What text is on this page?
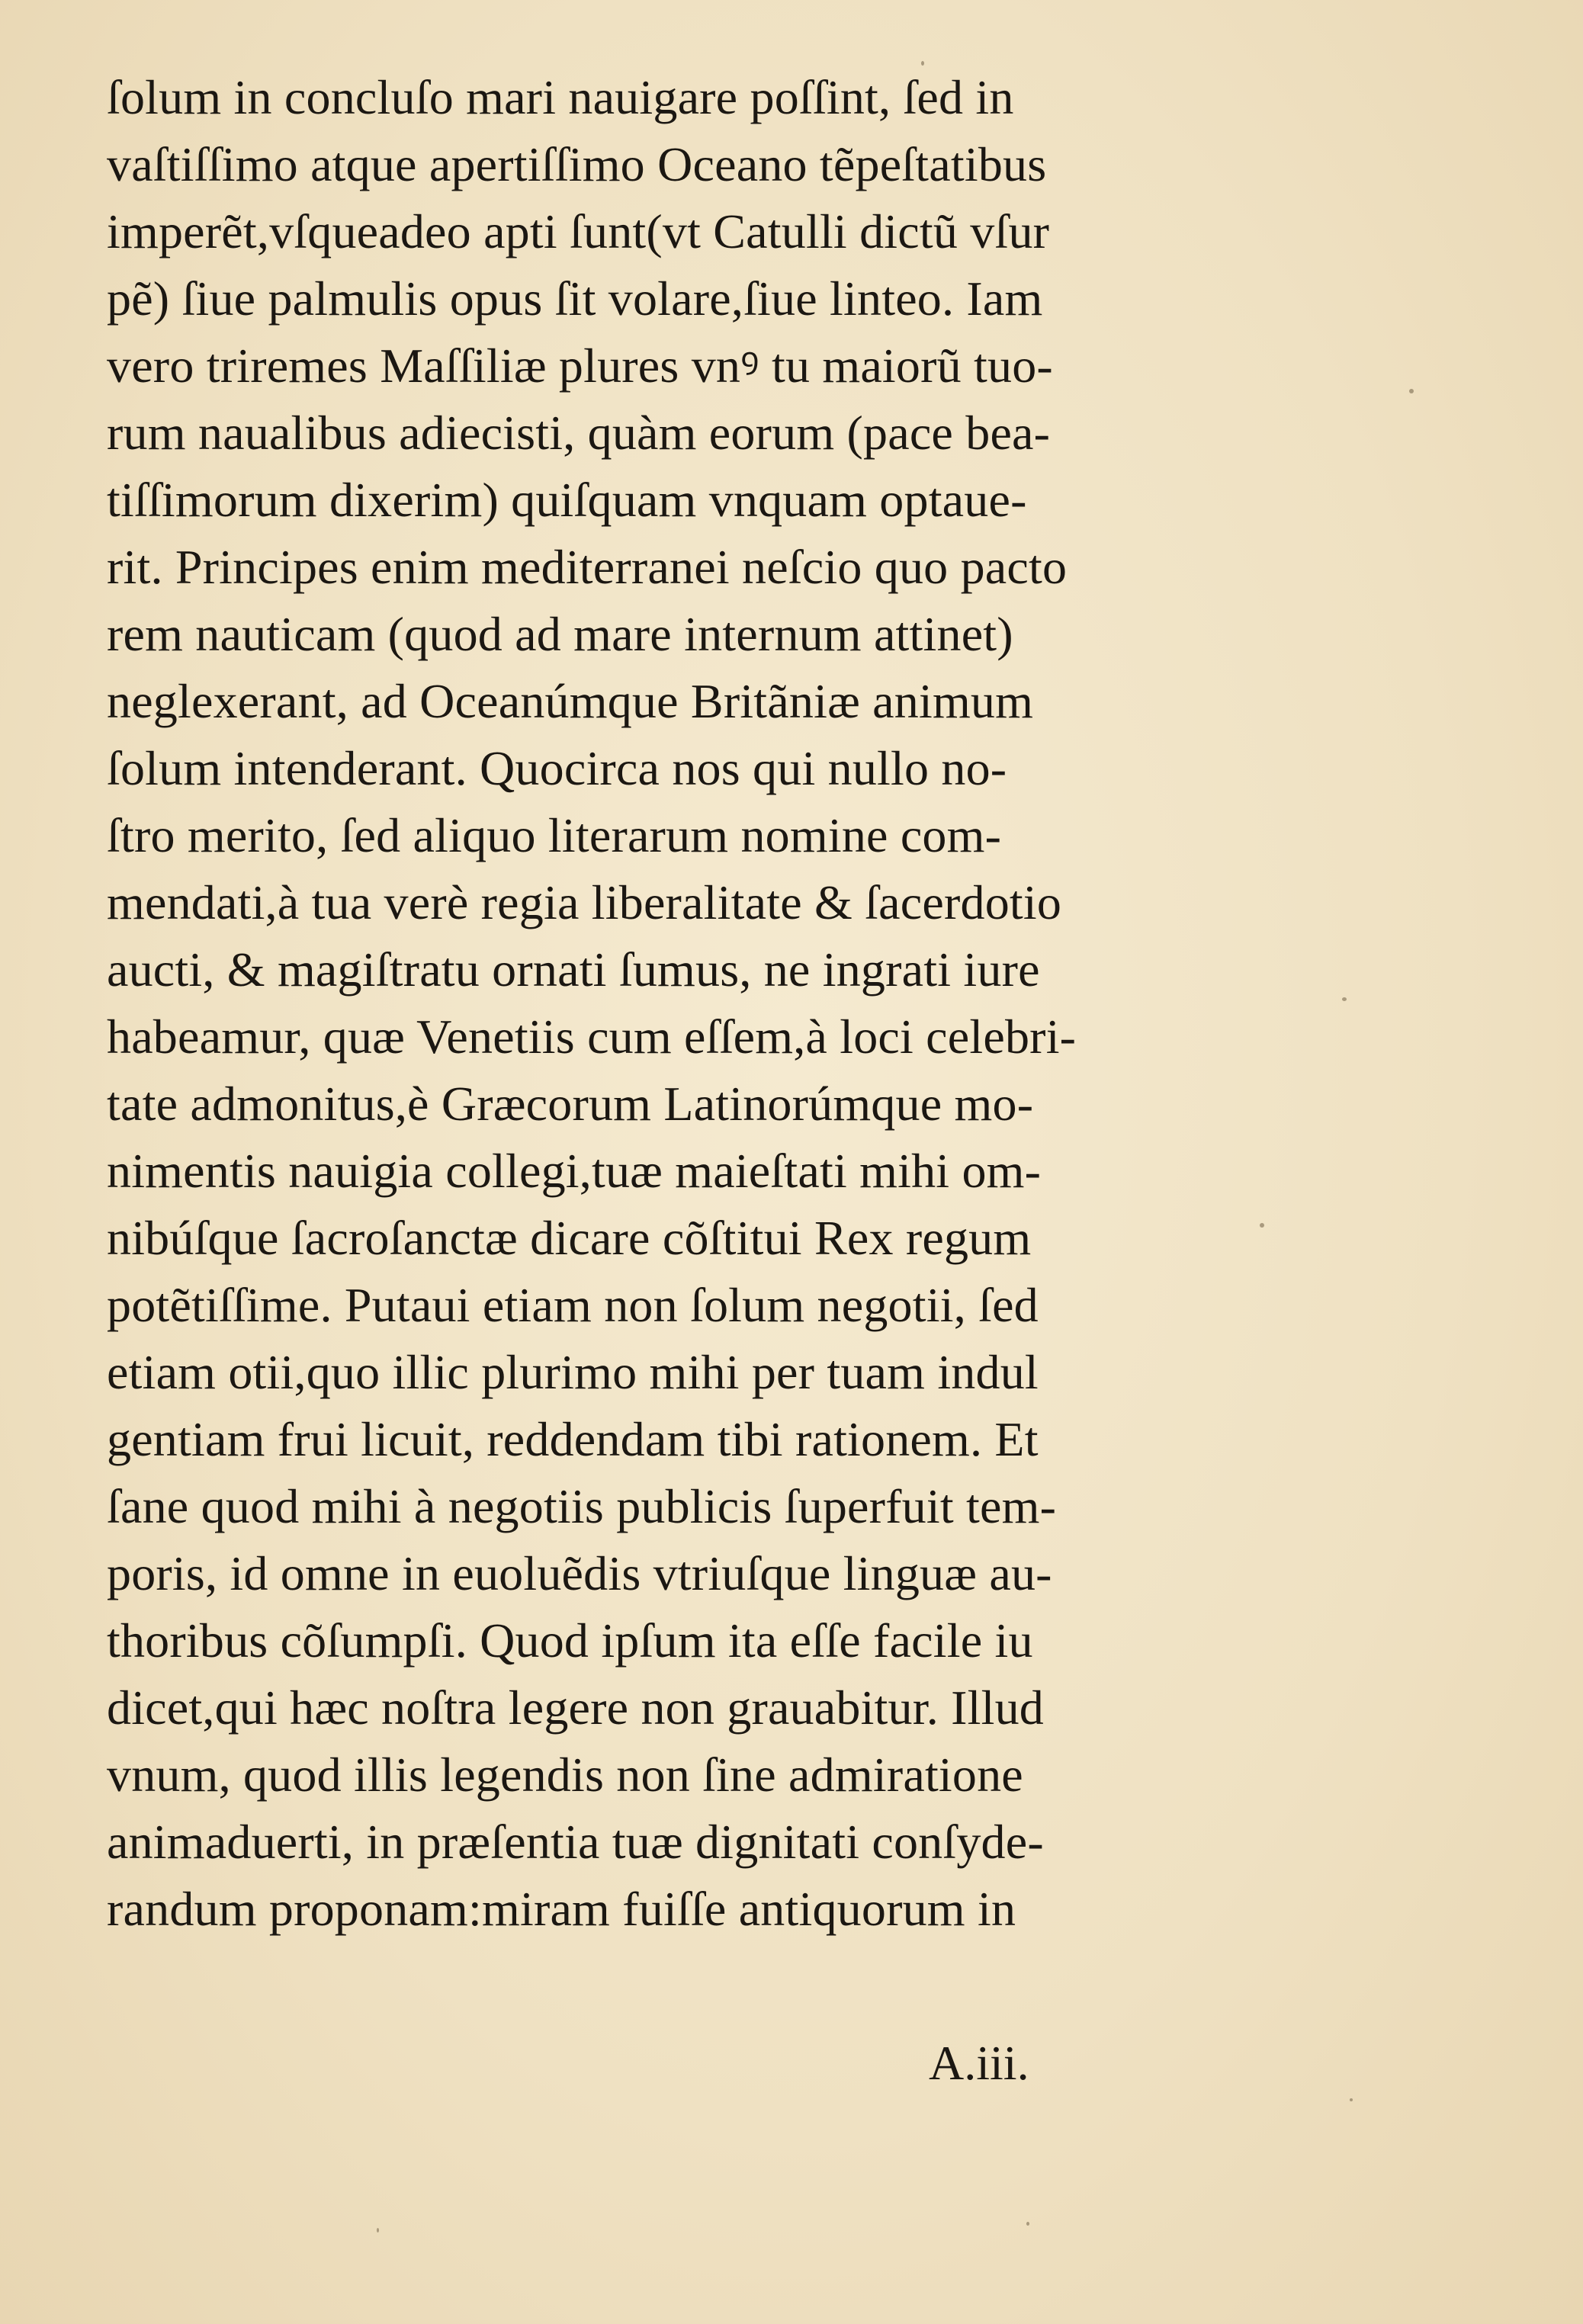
ſolum in concluſo mari nauigare poſſint, ſed in
vaſtiſſimo atque apertiſſimo Oceano tẽpeſtatibus
imperẽt,vſqueadeo apti ſunt(vt Catulli dictũ vſur
pẽ) ſiue palmulis opus ſit volare,ſiue linteo. Iam
vero triremes Maſſiliæ plures vnꝰ tu maiorũ tuo-
rum naualibus adiecisti, quàm eorum (pace bea-
tiſſimorum dixerim) quiſquam vnquam optaue-
rit. Principes enim mediterranei neſcio quo pacto
rem nauticam (quod ad mare internum attinet)
neglexerant, ad Oceanúmque Britãniæ animum
ſolum intenderant. Quocirca nos qui nullo no-
ſtro merito, ſed aliquo literarum nomine com-
mendati,à tua verè regia liberalitate & ſacerdotio
aucti, & magiſtratu ornati ſumus, ne ingrati iure
habeamur, quæ Venetiis cum eſſem,à loci celebri-
tate admonitus,è Græcorum Latinorúmque mo-
nimentis nauigia collegi,tuæ maieſtati mihi om-
nibúſque ſacroſanctæ dicare cõſtitui Rex regum
potẽtiſſime. Putaui etiam non ſolum negotii, ſed
etiam otii,quo illic plurimo mihi per tuam indul
gentiam frui licuit, reddendam tibi rationem. Et
ſane quod mihi à negotiis publicis ſuperfuit tem-
poris, id omne in euoluẽdis vtriuſque linguæ au-
thoribus cõſumpſi. Quod ipſum ita eſſe facile iu
dicet,qui hæc noſtra legere non grauabitur. Illud
vnum, quod illis legendis non ſine admiratione
animaduerti, in præſentia tuæ dignitati conſyde-
randum proponam:miram fuiſſe antiquorum in
A.iii.
